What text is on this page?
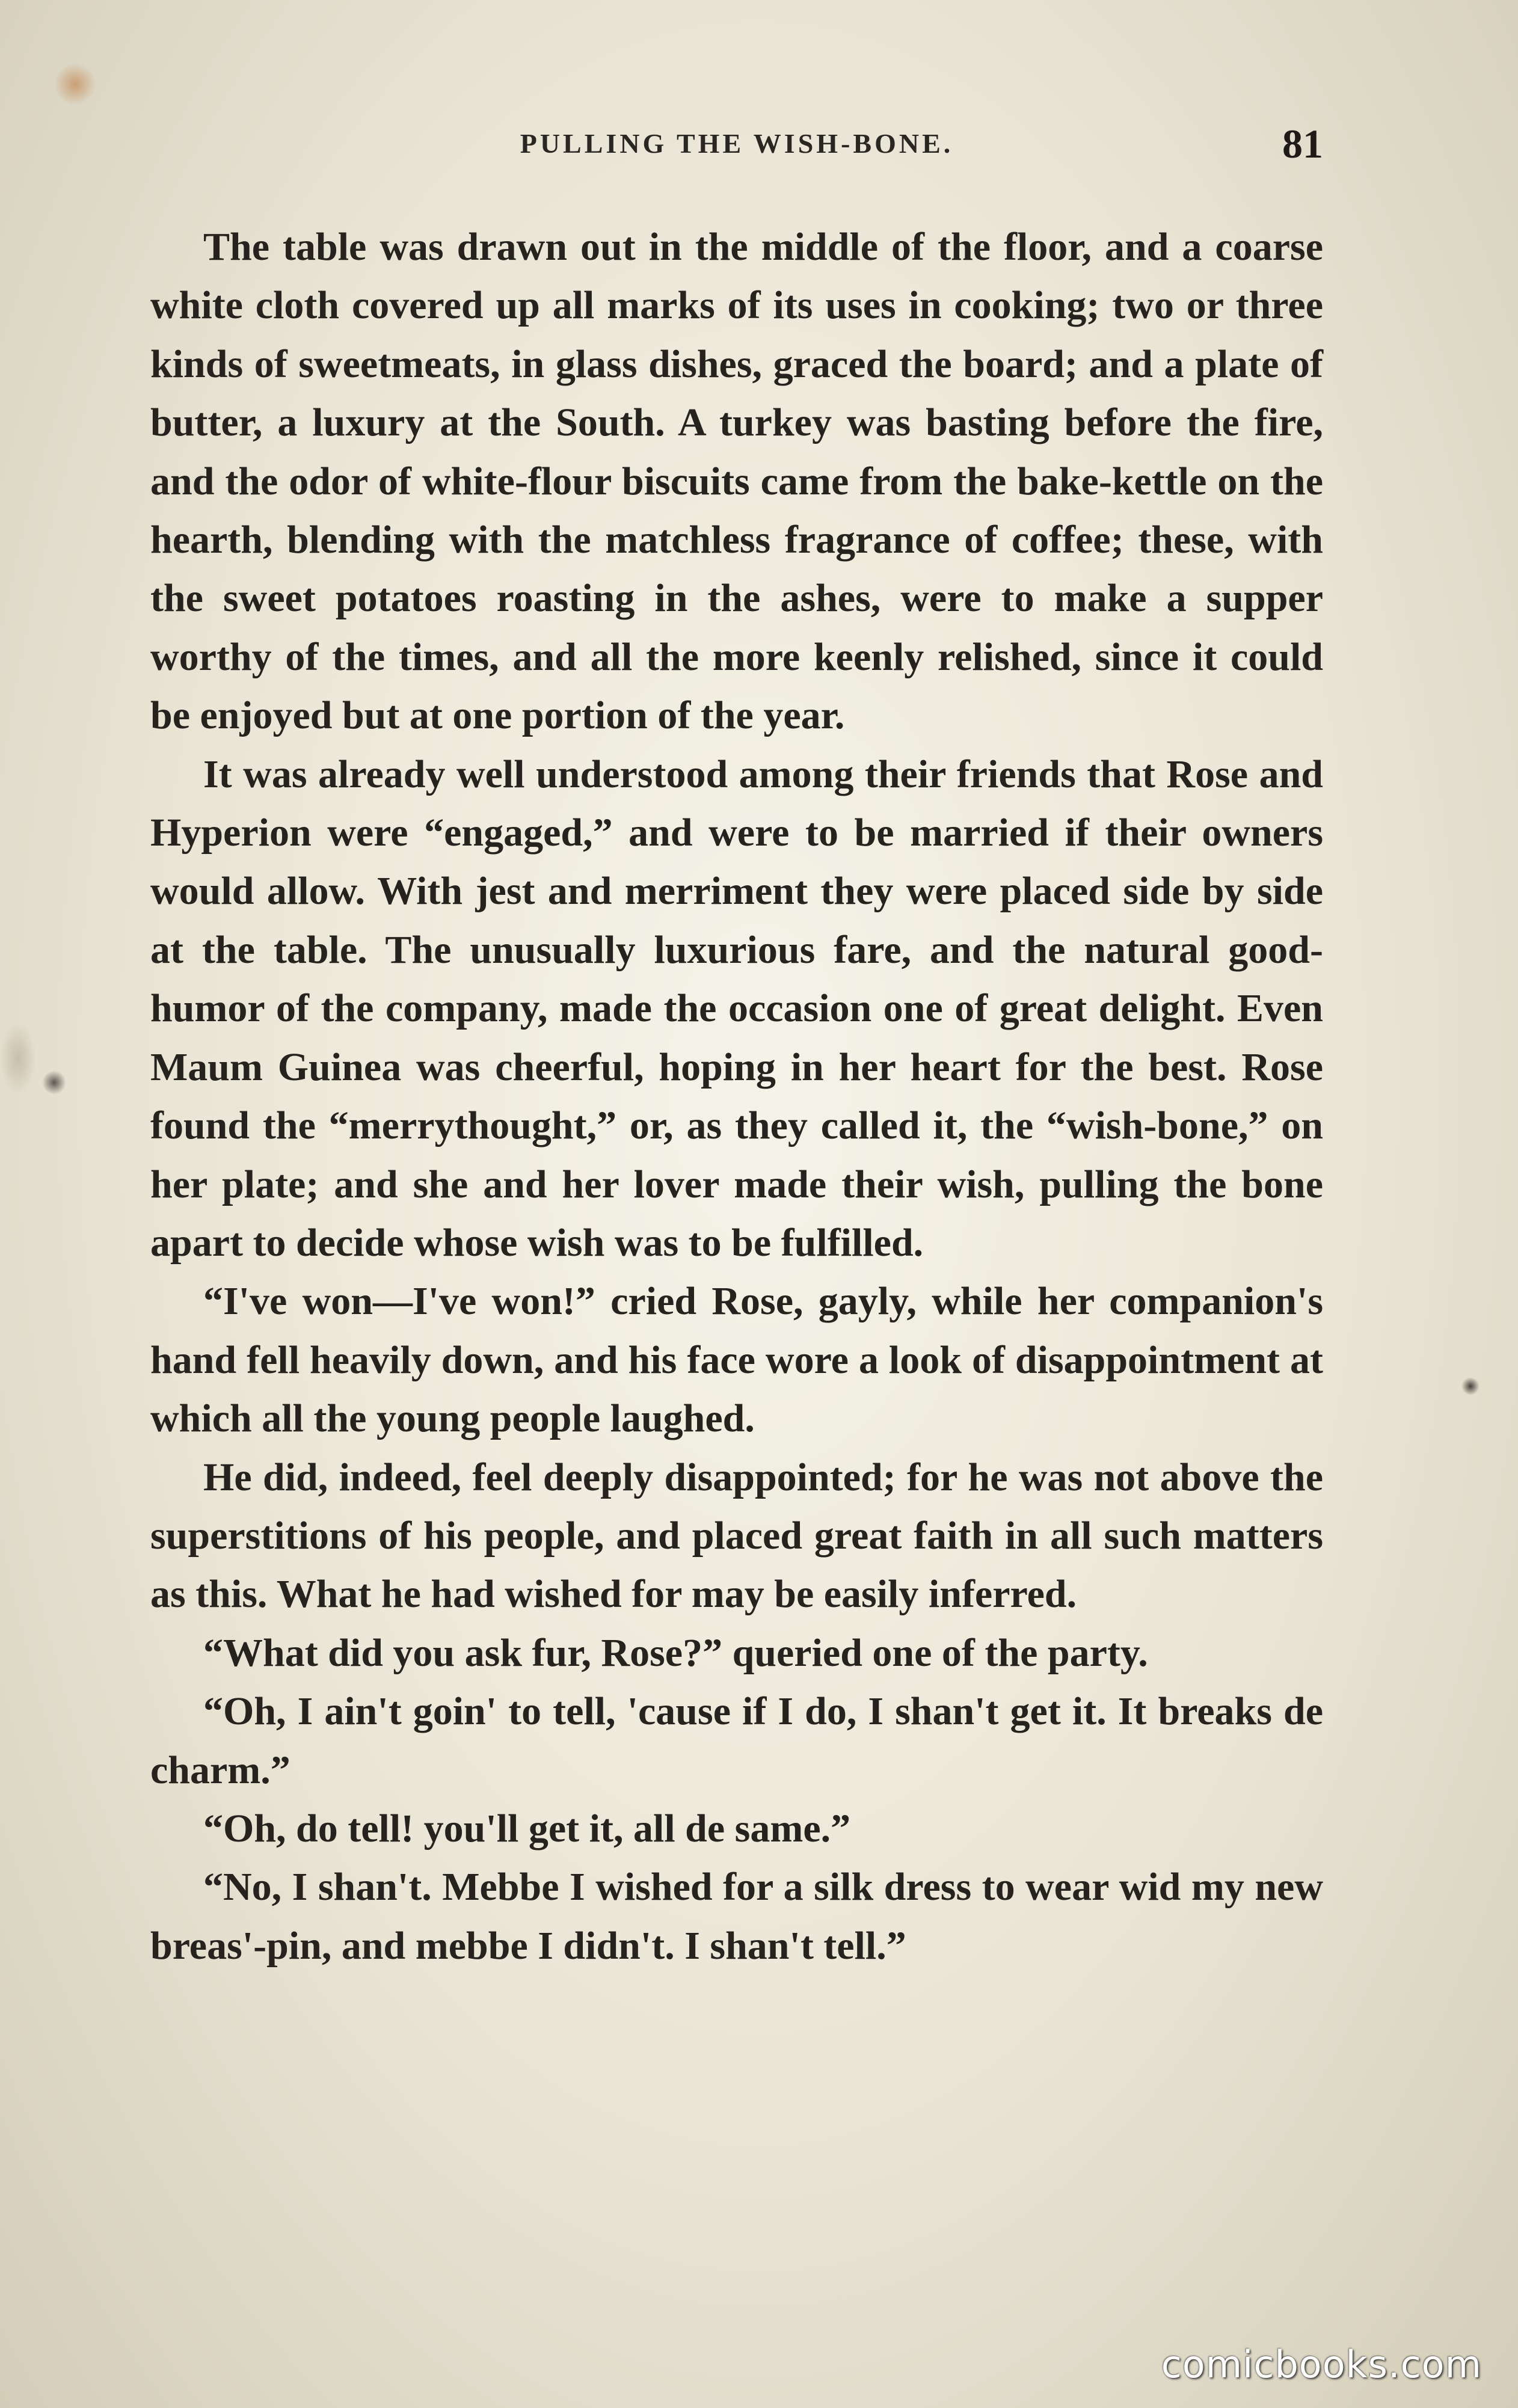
PULLING THE WISH-BONE.	81

The table was drawn out in the middle of the floor, and a coarse white cloth covered up all marks of its uses in cooking; two or three kinds of sweetmeats, in glass dishes, graced the board; and a plate of butter, a luxury at the South. A turkey was basting before the fire, and the odor of white-flour biscuits came from the bake-kettle on the hearth, blending with the matchless fragrance of coffee; these, with the sweet potatoes roasting in the ashes, were to make a supper worthy of the times, and all the more keenly relished, since it could be enjoyed but at one portion of the year.

It was already well understood among their friends that Rose and Hyperion were “engaged,” and were to be married if their owners would allow. With jest and merriment they were placed side by side at the table. The unusually luxurious fare, and the natural good-humor of the company, made the occasion one of great delight. Even Maum Guinea was cheerful, hoping in her heart for the best. Rose found the “merrythought,” or, as they called it, the “wish-bone,” on her plate; and she and her lover made their wish, pulling the bone apart to decide whose wish was to be fulfilled.

“I've won—I've won!” cried Rose, gayly, while her companion's hand fell heavily down, and his face wore a look of disappointment at which all the young people laughed.

He did, indeed, feel deeply disappointed; for he was not above the superstitions of his people, and placed great faith in all such matters as this. What he had wished for may be easily inferred.

“What did you ask fur, Rose?” queried one of the party.

“Oh, I ain't goin' to tell, 'cause if I do, I shan't get it. It breaks de charm.”

“Oh, do tell! you'll get it, all de same.”

“No, I shan't. Mebbe I wished for a silk dress to wear wid my new breas'-pin, and mebbe I didn't. I shan't tell.”

comicbooks.com
